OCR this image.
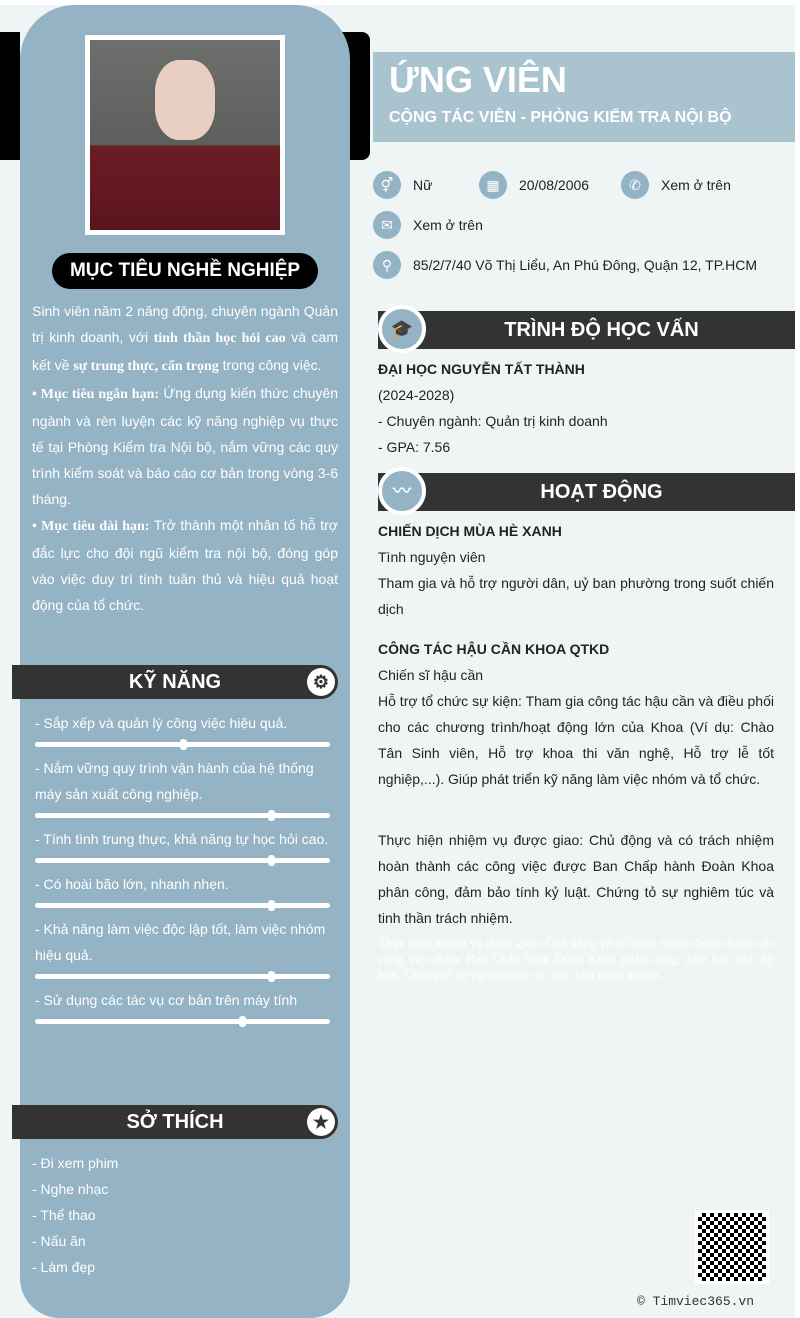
MỤC TIÊU NGHỀ NGHIỆP
Sinh viên năm 2 năng động, chuyên ngành Quản trị kinh doanh, với tinh thần học hỏi cao và cam kết về sự trung thực, cẩn trọng trong công việc.
• Mục tiêu ngắn hạn: Ứng dụng kiến thức chuyên ngành và rèn luyện các kỹ năng nghiệp vụ thực tế tại Phòng Kiểm tra Nội bộ, nắm vững các quy trình kiểm soát và báo cáo cơ bản trong vòng 3-6 tháng.
• Mục tiêu dài hạn: Trở thành một nhân tố hỗ trợ đắc lực cho đội ngũ kiểm tra nội bộ, đóng góp vào việc duy trì tính tuân thủ và hiệu quả hoạt động của tổ chức.
KỸ NĂNG	⚙
- Sắp xếp và quản lý công việc hiệu quả.
- Nắm vững quy trình vận hành của hệ thống máy sản xuất công nghiệp.
- Tính tình trung thực, khả năng tự học hỏi cao.
- Có hoài bão lớn, nhanh nhẹn.
- Khả năng làm việc độc lập tốt, làm việc nhóm hiệu quả.
- Sử dụng các tác vụ cơ bản trên máy tính
SỞ THÍCH	★
- Đi xem phim
- Nghe nhạc
- Thể thao
- Nấu ăn
- Làm đẹp
ỨNG VIÊN
CỘNG TÁC VIÊN - PHÒNG KIỂM TRA NỘI BỘ
⚥	Nữ	▦	20/08/2006	✆	Xem ở trên
✉	Xem ở trên
⚲	85/2/7/40 Võ Thị Liểu, An Phú Đông, Quận 12, TP.HCM
🎓	TRÌNH ĐỘ HỌC VẤN
ĐẠI HỌC NGUYỄN TẤT THÀNH
(2024-2028)
- Chuyên ngành: Quản trị kinh doanh
- GPA: 7.56
〰	HOẠT ĐỘNG
CHIẾN DỊCH MÙA HÈ XANH
Tình nguyện viên
Tham gia và hỗ trợ người dân, uỷ ban phường trong suốt chiến dịch
CÔNG TÁC HẬU CẦN KHOA QTKD
Chiến sĩ hậu cần
Hỗ trợ tổ chức sự kiện: Tham gia công tác hậu cần và điều phối cho các chương trình/hoạt động lớn của Khoa (Ví dụ: Chào Tân Sinh viên, Hỗ trợ khoa thi văn nghệ, Hỗ trợ lễ tốt nghiệp,...). Giúp phát triển kỹ năng làm việc nhóm và tổ chức.
Thực hiện nhiệm vụ được giao: Chủ động và có trách nhiệm hoàn thành các công việc được Ban Chấp hành Đoàn Khoa phân công, đảm bảo tính kỷ luật. Chứng tỏ sự nghiêm túc và tinh thần trách nhiệm.
Thực hiện nhiệm vụ được giao: Chủ động và có trách nhiệm hoàn thành các công việc được Ban Chấp hành Đoàn Khoa phân công, đảm bảo tính kỷ luật. Chứng tỏ sự nghiêm túc và tinh thần trách nhiệm.
© Timviec365.vn
